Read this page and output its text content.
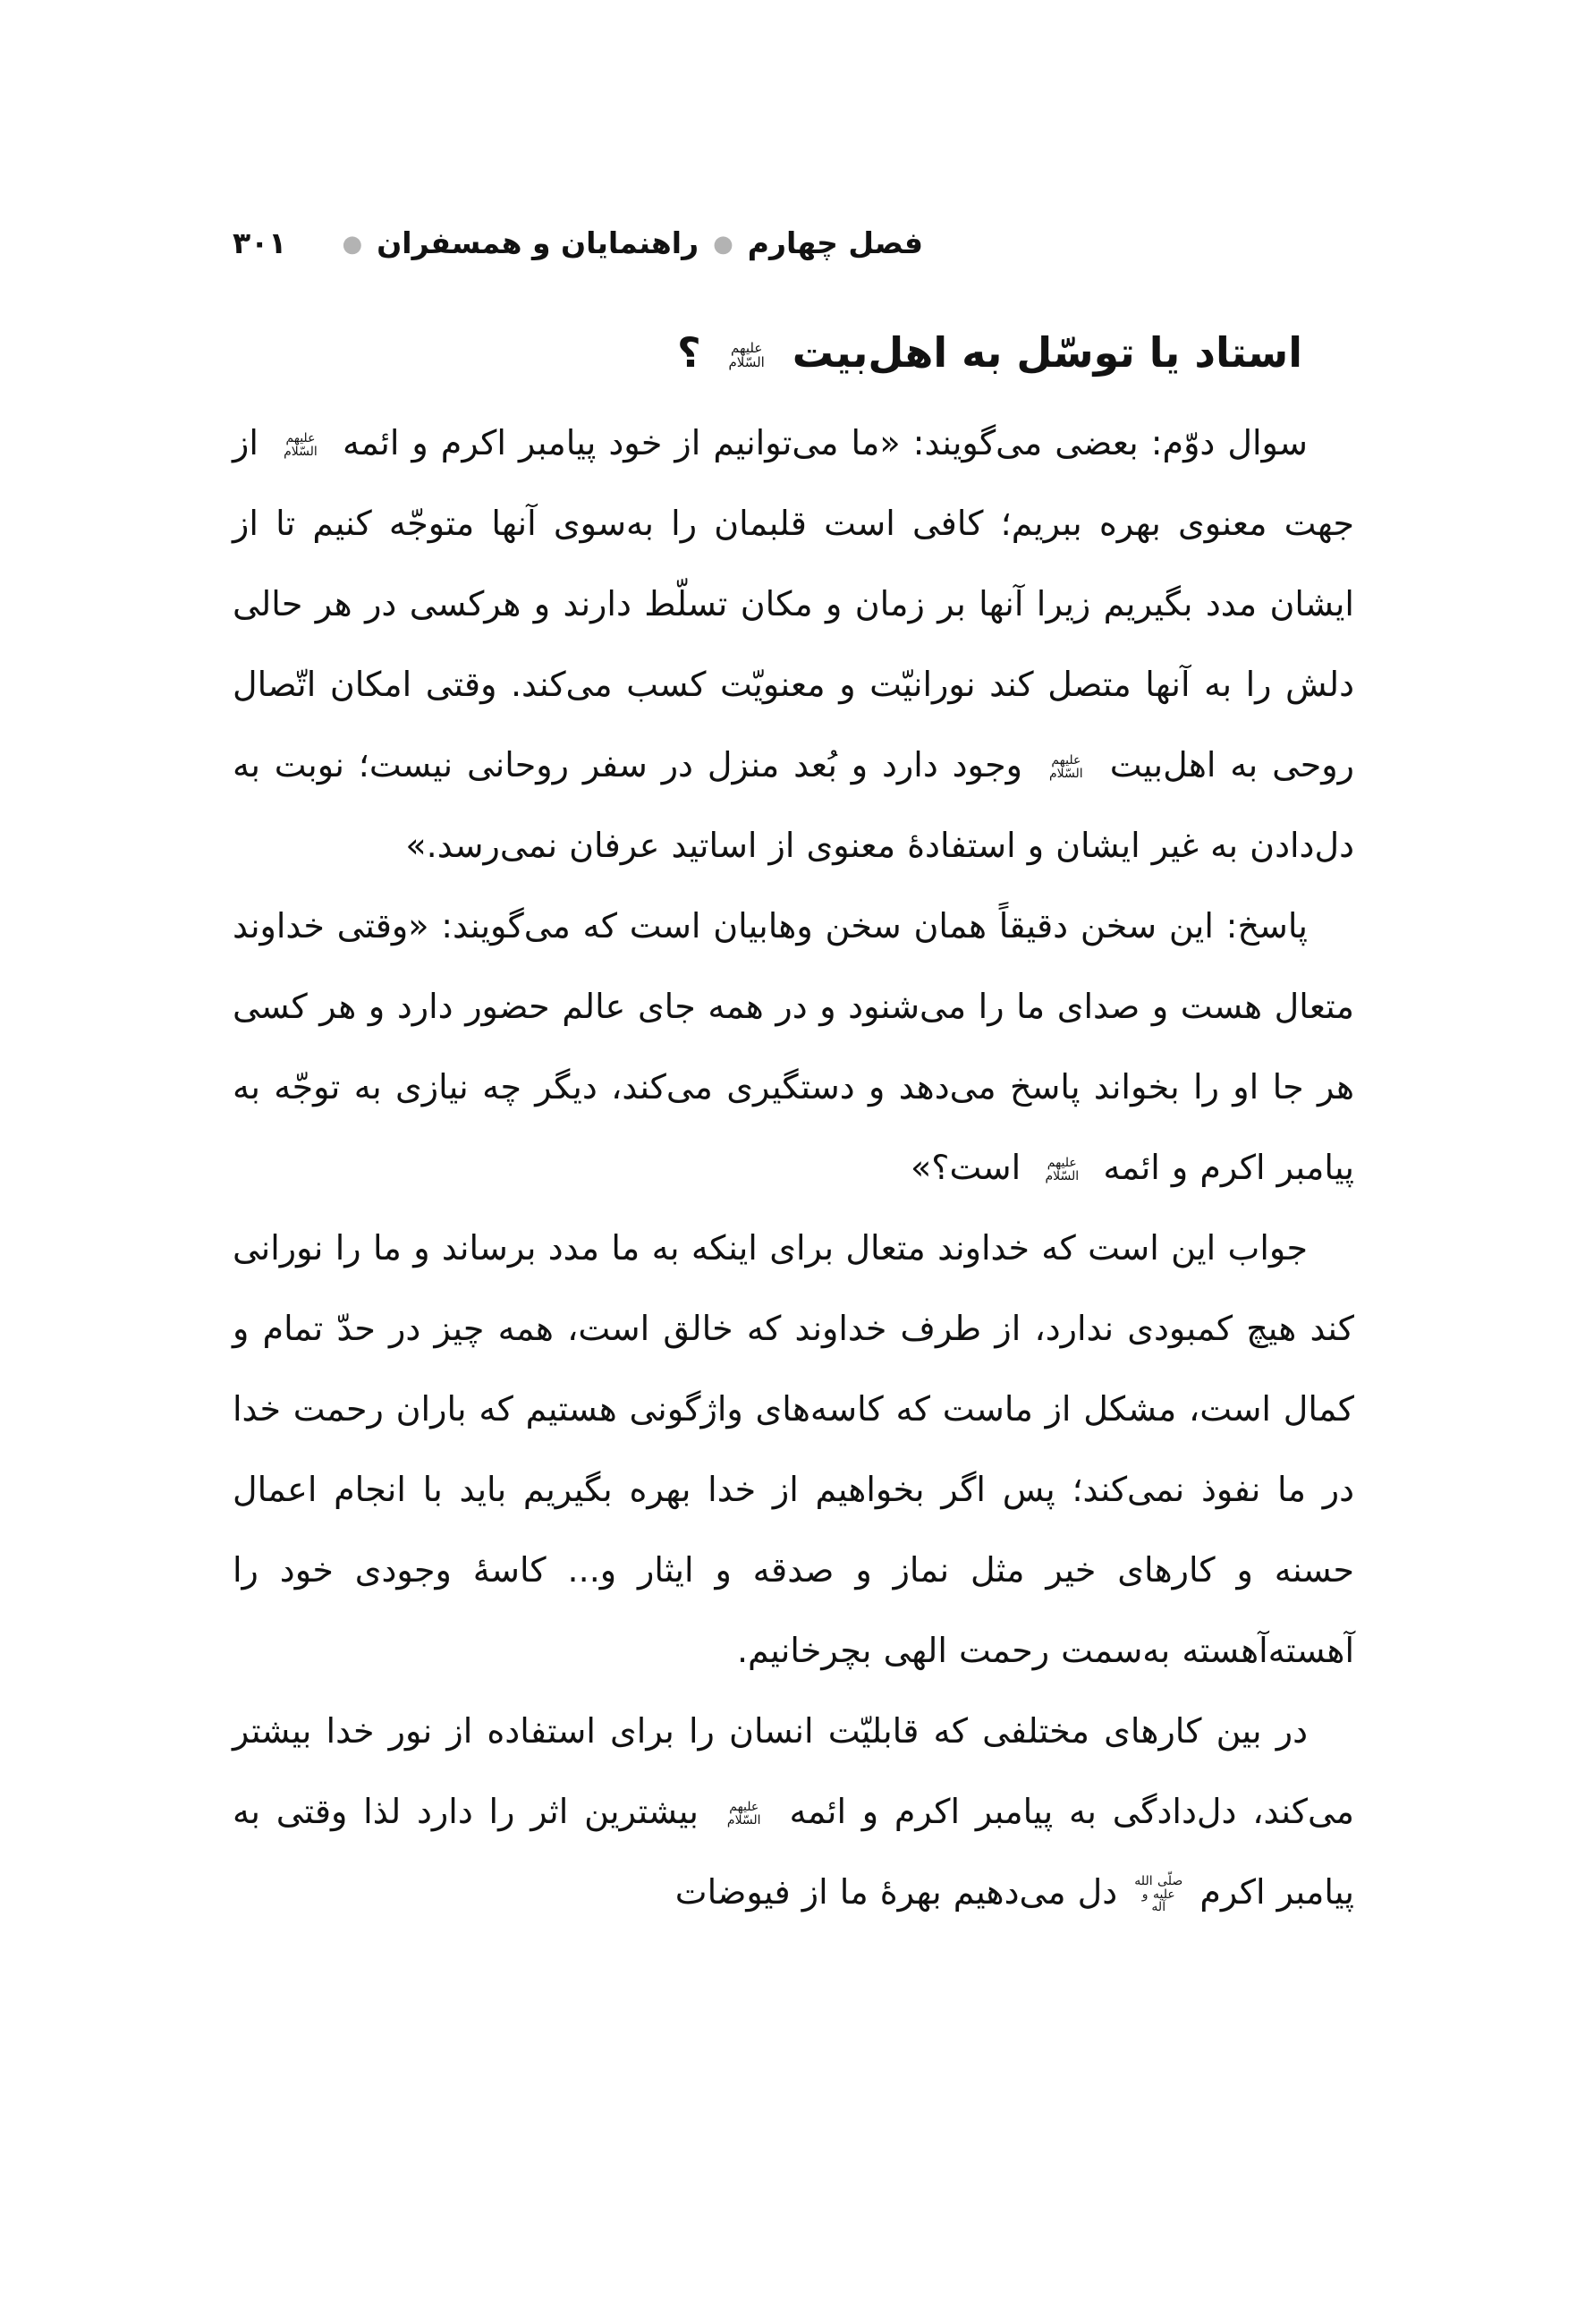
فصل چهارم●راهنمایان و همسفران●۳۰۱
استاد یا توسّل به اهل‌بیت علیهم السّلام ؟

سوال دوّم: بعضی می‌گویند: «ما می‌توانیم از خود پیامبر اکرم و ائمه علیهم السّلام از جهت معنوی بهره ببریم؛ کافی است قلبمان را به‌سوی آنها متوجّه کنیم تا از ایشان مدد بگیریم زیرا آنها بر زمان و مکان تسلّط دارند و هرکسی در هر حالی دلش را به آنها متصل کند نورانیّت و معنویّت کسب می‌کند. وقتی امکان اتّصال روحی به اهل‌بیت علیهم السّلام وجود دارد و بُعد منزل در سفر روحانی نیست؛ نوبت به دل‌دادن به غیر ایشان و استفادۀ معنوی از اساتید عرفان نمی‌رسد.»

پاسخ: این سخن دقیقاً همان سخن وهابیان است که می‌گویند: «وقتی خداوند متعال هست و صدای ما را می‌شنود و در همه جای عالم حضور دارد و هر کسی هر جا او را بخواند پاسخ می‌دهد و دستگیری می‌کند، دیگر چه نیازی به توجّه به پیامبر اکرم و ائمه علیهم السّلام است؟»

جواب این است که خداوند متعال برای اینکه به ما مدد برساند و ما را نورانی کند هیچ کمبودی ندارد، از طرف خداوند که خالق است، همه چیز در حدّ تمام و کمال است، مشکل از ماست که کاسه‌های واژگونی هستیم که باران رحمت خدا در ما نفوذ نمی‌کند؛ پس اگر بخواهیم از خدا بهره بگیریم باید با انجام اعمال حسنه و کارهای خیر مثل نماز و صدقه و ایثار و... کاسۀ وجودی خود را آهسته‌آهسته به‌سمت رحمت الهی بچرخانیم.

در بین کارهای مختلفی که قابلیّت انسان را برای استفاده از نور خدا بیشتر می‌کند، دل‌دادگی به پیامبر اکرم و ائمه علیهم السّلام بیشترین اثر را دارد لذا وقتی به پیامبر اکرم صلّی الله علیه و آله دل می‌دهیم بهرۀ ما از فیوضات
